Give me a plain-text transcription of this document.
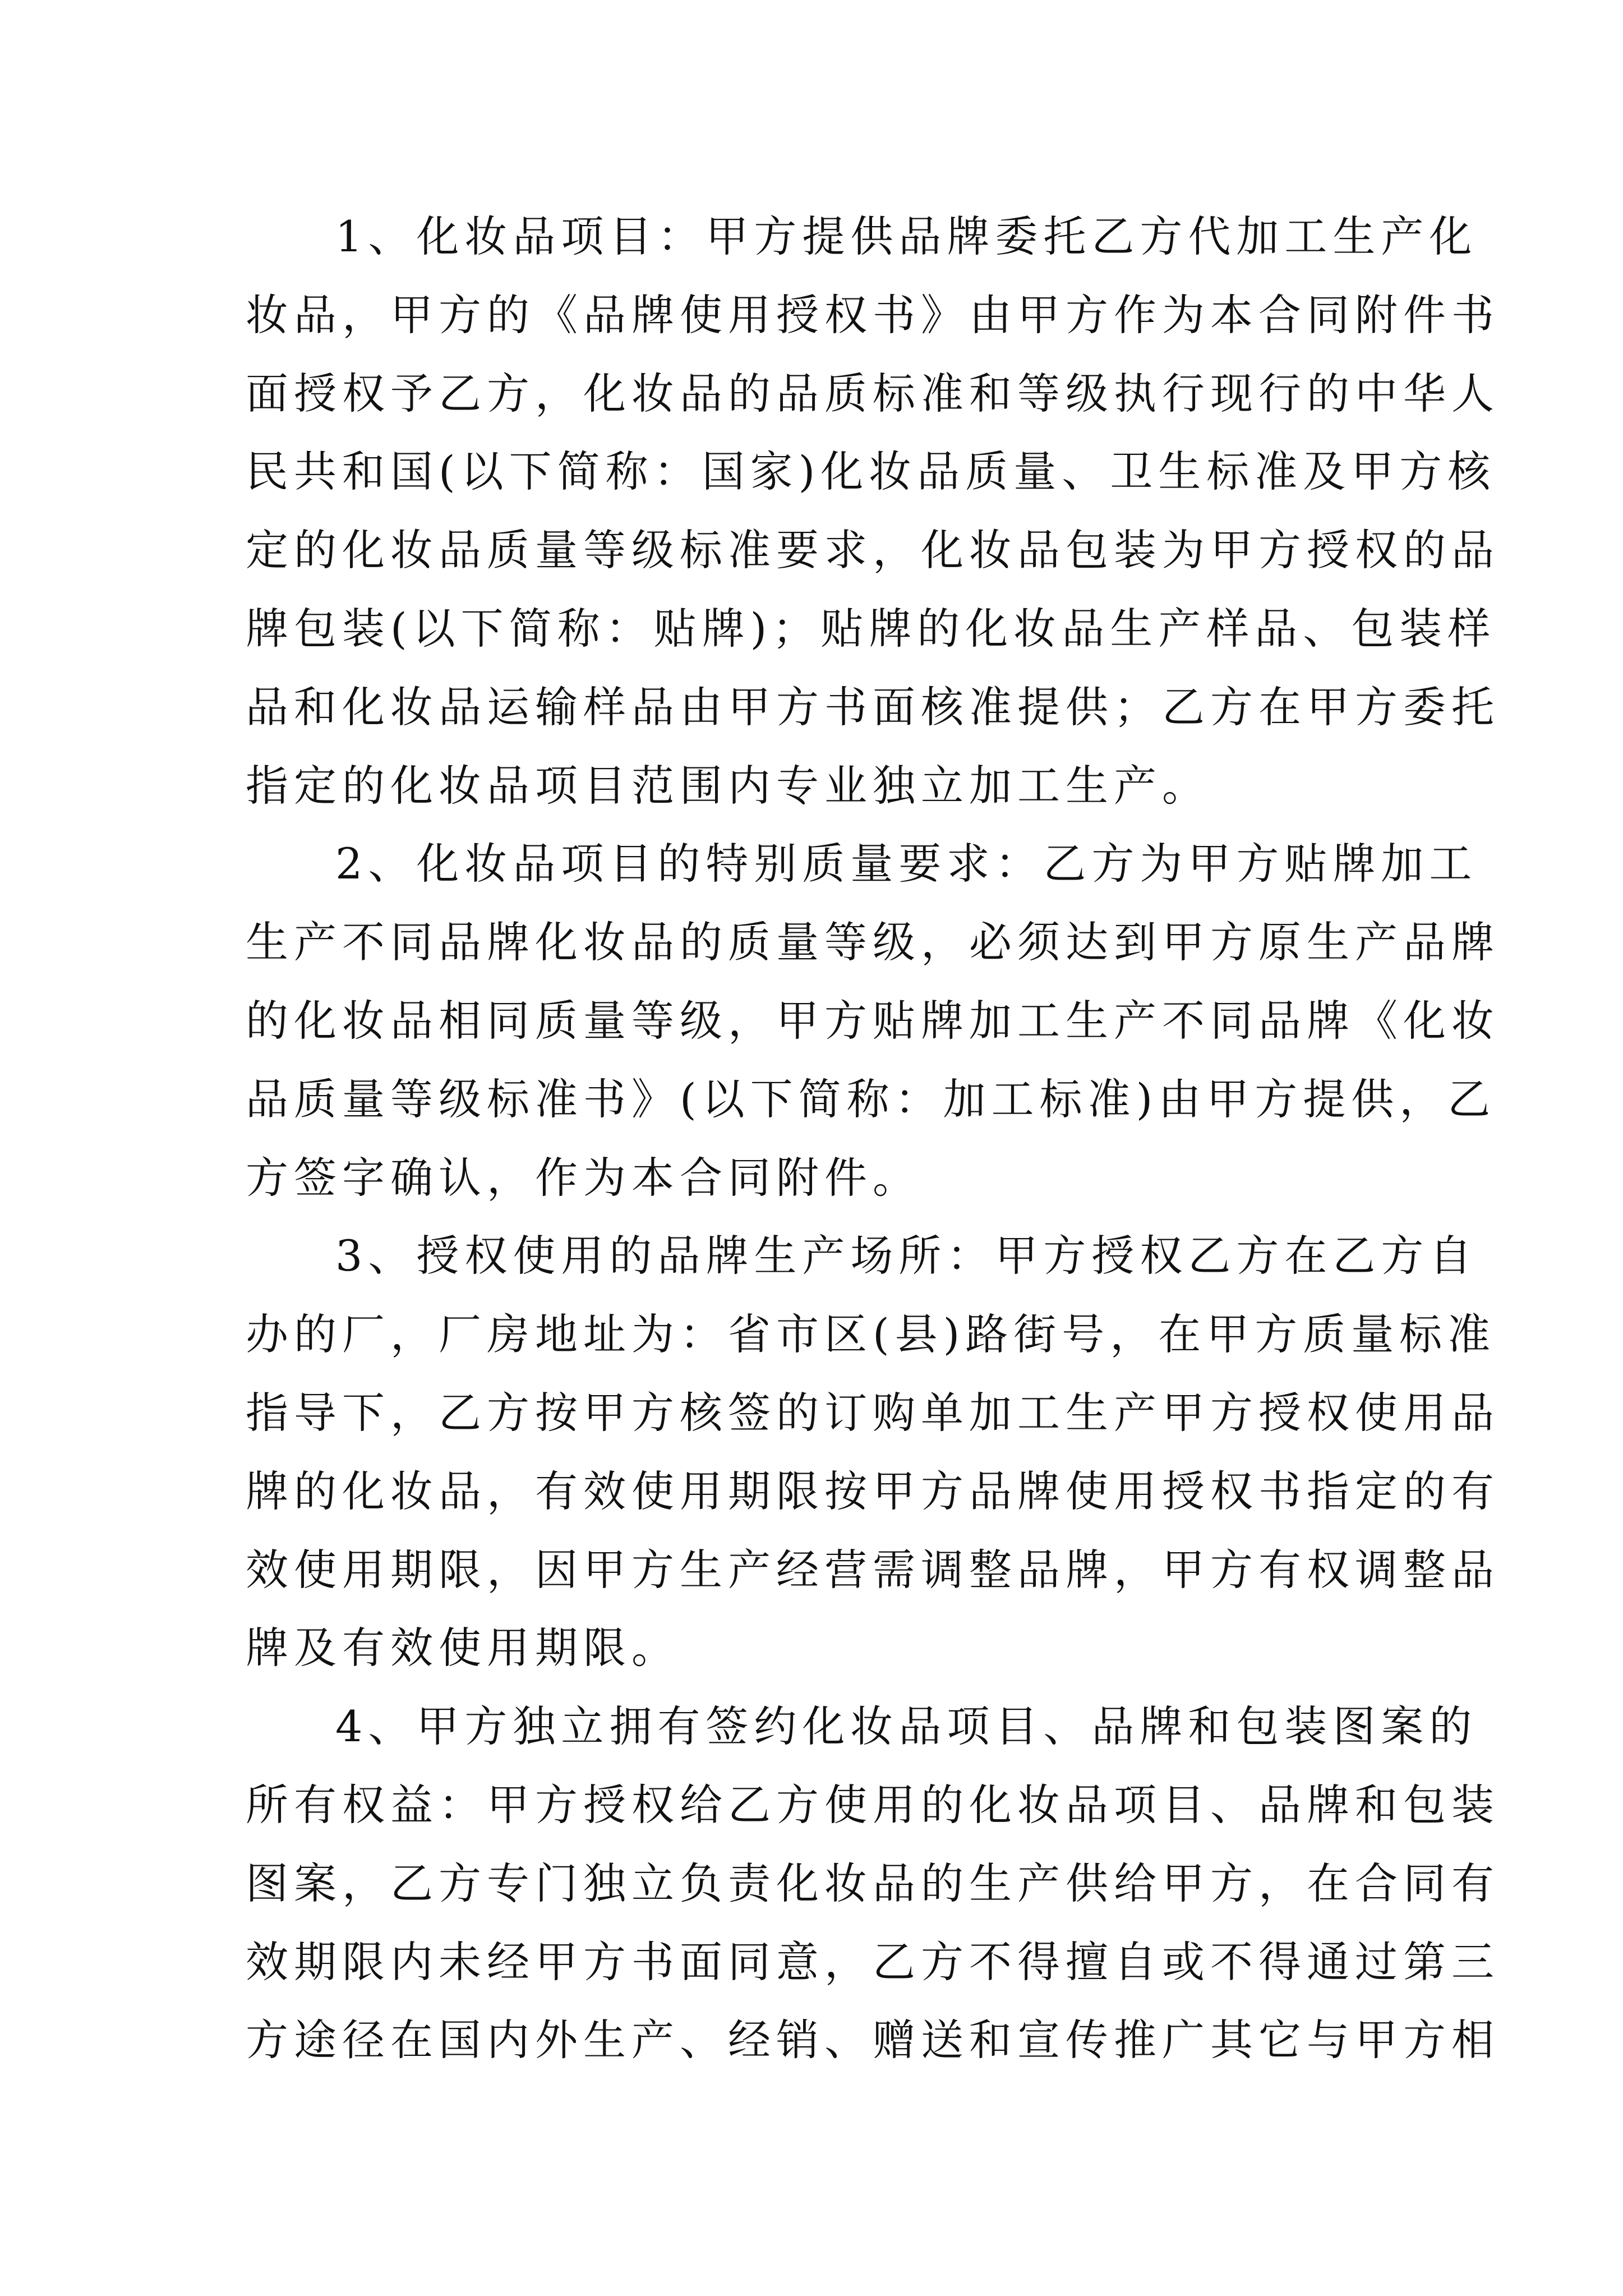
1、化妆品项目：甲方提供品牌委托乙方代加工生产化
妆品，甲方的《品牌使用授权书》由甲方作为本合同附件书
面授权予乙方，化妆品的品质标准和等级执行现行的中华人
民共和国(以下简称：国家)化妆品质量、卫生标准及甲方核
定的化妆品质量等级标准要求，化妆品包装为甲方授权的品
牌包装(以下简称：贴牌)；贴牌的化妆品生产样品、包装样
品和化妆品运输样品由甲方书面核准提供；乙方在甲方委托
指定的化妆品项目范围内专业独立加工生产。

2、化妆品项目的特别质量要求：乙方为甲方贴牌加工
生产不同品牌化妆品的质量等级，必须达到甲方原生产品牌
的化妆品相同质量等级，甲方贴牌加工生产不同品牌《化妆
品质量等级标准书》(以下简称：加工标准)由甲方提供，乙
方签字确认，作为本合同附件。

3、授权使用的品牌生产场所：甲方授权乙方在乙方自
办的厂，厂房地址为：省市区(县)路街号，在甲方质量标准
指导下，乙方按甲方核签的订购单加工生产甲方授权使用品
牌的化妆品，有效使用期限按甲方品牌使用授权书指定的有
效使用期限，因甲方生产经营需调整品牌，甲方有权调整品
牌及有效使用期限。

4、甲方独立拥有签约化妆品项目、品牌和包装图案的
所有权益：甲方授权给乙方使用的化妆品项目、品牌和包装
图案，乙方专门独立负责化妆品的生产供给甲方，在合同有
效期限内未经甲方书面同意，乙方不得擅自或不得通过第三
方途径在国内外生产、经销、赠送和宣传推广其它与甲方相
